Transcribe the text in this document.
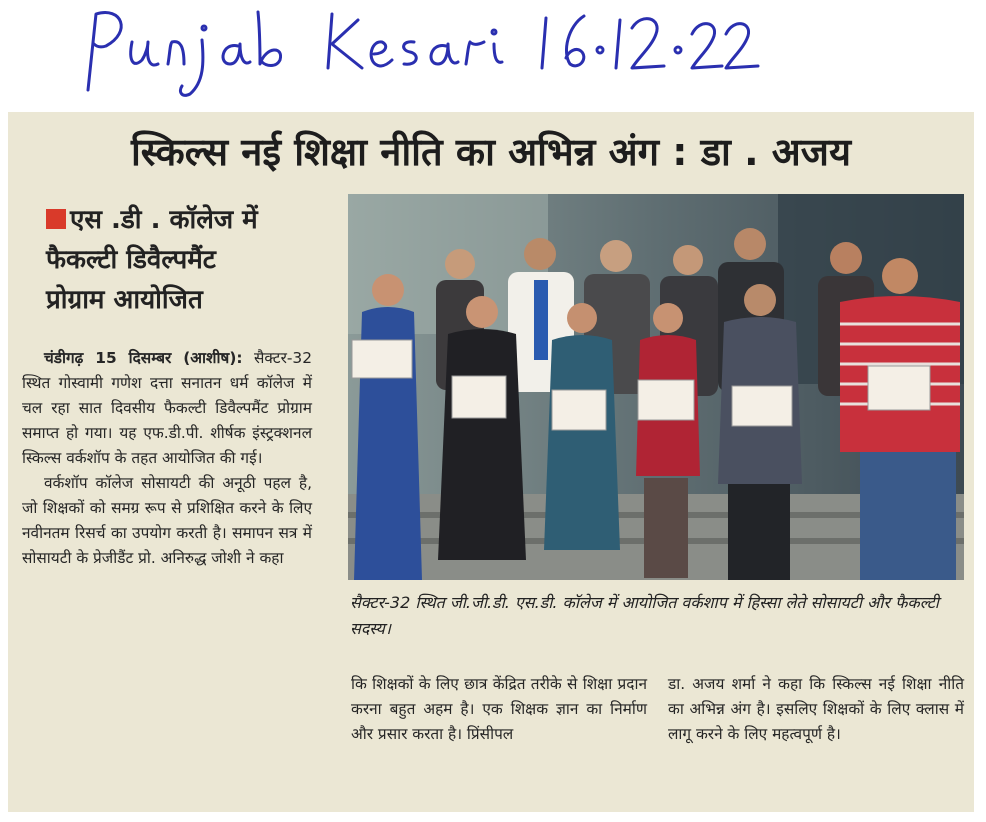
स्किल्स नई शिक्षा नीति का अभिन्न अंग : डा . अजय
एस .डी . कॉलेज में
फैकल्टी डिवैल्पमैंट
प्रोग्राम आयोजित

चंडीगढ़ 15 दिसम्बर (आशीष): सैक्टर-32 स्थित गोस्वामी गणेश दत्ता सनातन धर्म कॉलेज में चल रहा सात दिवसीय फैकल्टी डिवैल्पमैंट प्रोग्राम समाप्त हो गया। यह एफ.डी.पी. शीर्षक इंस्ट्रक्शनल स्किल्स वर्कशॉप के तहत आयोजित की गई।

वर्कशॉप कॉलेज सोसायटी की अनूठी पहल है, जो शिक्षकों को समग्र रूप से प्रशिक्षित करने के लिए नवीनतम रिसर्च का उपयोग करती है। समापन सत्र में सोसायटी के प्रेजीडैंट प्रो. अनिरुद्ध जोशी ने कहा

सैक्टर-32 स्थित जी.जी.डी. एस.डी. कॉलेज में आयोजित वर्कशाप में हिस्सा लेते सोसायटी और फैकल्टी सदस्य।
कि शिक्षकों के लिए छात्र केंद्रित तरीके से शिक्षा प्रदान करना बहुत अहम है। एक शिक्षक ज्ञान का निर्माण और प्रसार करता है। प्रिंसीपल
डा. अजय शर्मा ने कहा कि स्किल्स नई शिक्षा नीति का अभिन्न अंग है। इसलिए शिक्षकों के लिए क्लास में लागू करने के लिए महत्वपूर्ण है।
